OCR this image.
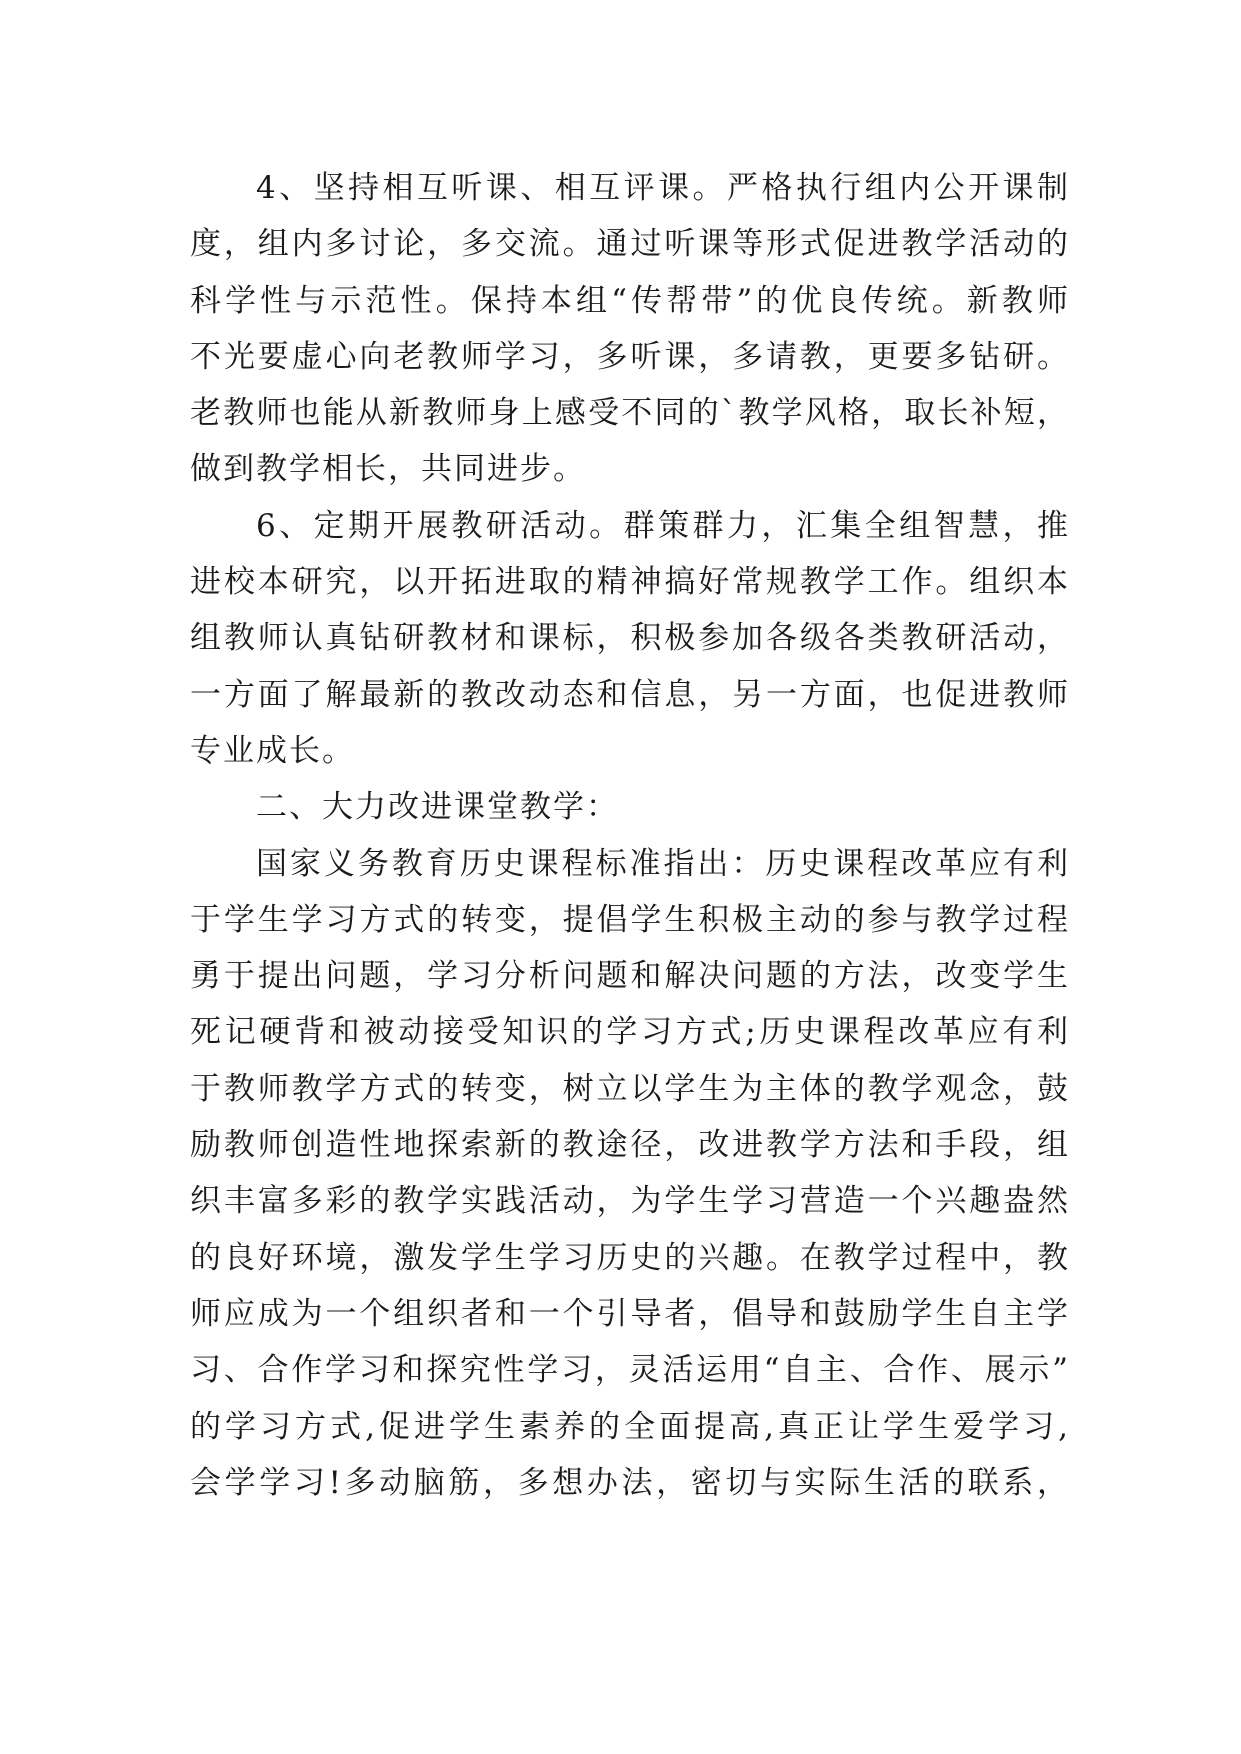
4、坚持相互听课、相互评课。严格执行组内公开课制
度，组内多讨论，多交流。通过听课等形式促进教学活动的
科学性与示范性。保持本组“传帮带”的优良传统。新教师
不光要虚心向老教师学习，多听课，多请教，更要多钻研。
老教师也能从新教师身上感受不同的`教学风格，取长补短，
做到教学相长，共同进步。
6、定期开展教研活动。群策群力，汇集全组智慧，推
进校本研究，以开拓进取的精神搞好常规教学工作。组织本
组教师认真钻研教材和课标，积极参加各级各类教研活动，
一方面了解最新的教改动态和信息，另一方面，也促进教师
专业成长。
二、大力改进课堂教学：
国家义务教育历史课程标准指出：历史课程改革应有利
于学生学习方式的转变，提倡学生积极主动的参与教学过程
勇于提出问题，学习分析问题和解决问题的方法，改变学生
死记硬背和被动接受知识的学习方式;历史课程改革应有利
于教师教学方式的转变，树立以学生为主体的教学观念，鼓
励教师创造性地探索新的教途径，改进教学方法和手段，组
织丰富多彩的教学实践活动，为学生学习营造一个兴趣盎然
的良好环境，激发学生学习历史的兴趣。在教学过程中，教
师应成为一个组织者和一个引导者，倡导和鼓励学生自主学
习、合作学习和探究性学习，灵活运用“自主、合作、展示”
的学习方式,促进学生素养的全面提高,真正让学生爱学习,
会学学习!多动脑筋，多想办法，密切与实际生活的联系，
